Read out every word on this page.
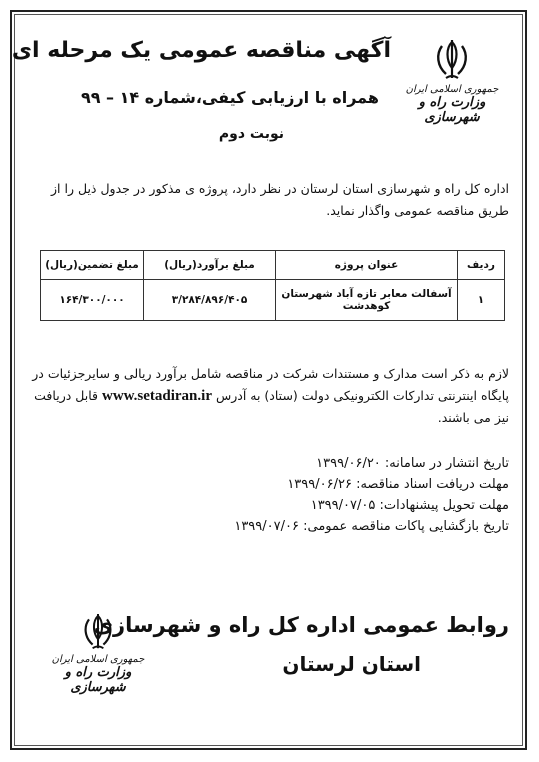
جمهوری اسلامی ایران
وزارت راه و شهرسازی
آگهی مناقصه عمومی یک مرحله ای
همراه با ارزیابی کیفی،شماره ۱۴ – ۹۹
نوبت دوم
اداره کل راه و شهرسازی استان لرستان در نظر دارد، پروژه ی مذکور در جدول ذیل را از طریق مناقصه عمومی واگذار نماید.
ردیف	عنوان پروژه	مبلغ برآورد(ریال)	مبلغ تضمین(ریال)
۱	آسفالت معابر تازه آباد شهرستان کوهدشت	۳/۲۸۴/۸۹۶/۴۰۵	۱۶۴/۳۰۰/۰۰۰
لازم به ذکر است مدارک و مستندات شرکت در مناقصه شامل برآورد ریالی و سایرجزئیات در پایگاه اینترنتی تدارکات الکترونیکی دولت (ستاد) به آدرس www.setadiran.ir قابل دریافت نیز می باشند.
تاریخ انتشار در سامانه: ۱۳۹۹/۰۶/۲۰
مهلت دریافت اسناد مناقصه: ۱۳۹۹/۰۶/۲۶
مهلت تحویل پیشنهادات: ۱۳۹۹/۰۷/۰۵
تاریخ بازگشایی پاکات مناقصه عمومی: ۱۳۹۹/۰۷/۰۶
جمهوری اسلامی ایران
وزارت راه و شهرسازی
روابط عمومی اداره کل راه و شهرسازی
استان لرستان
